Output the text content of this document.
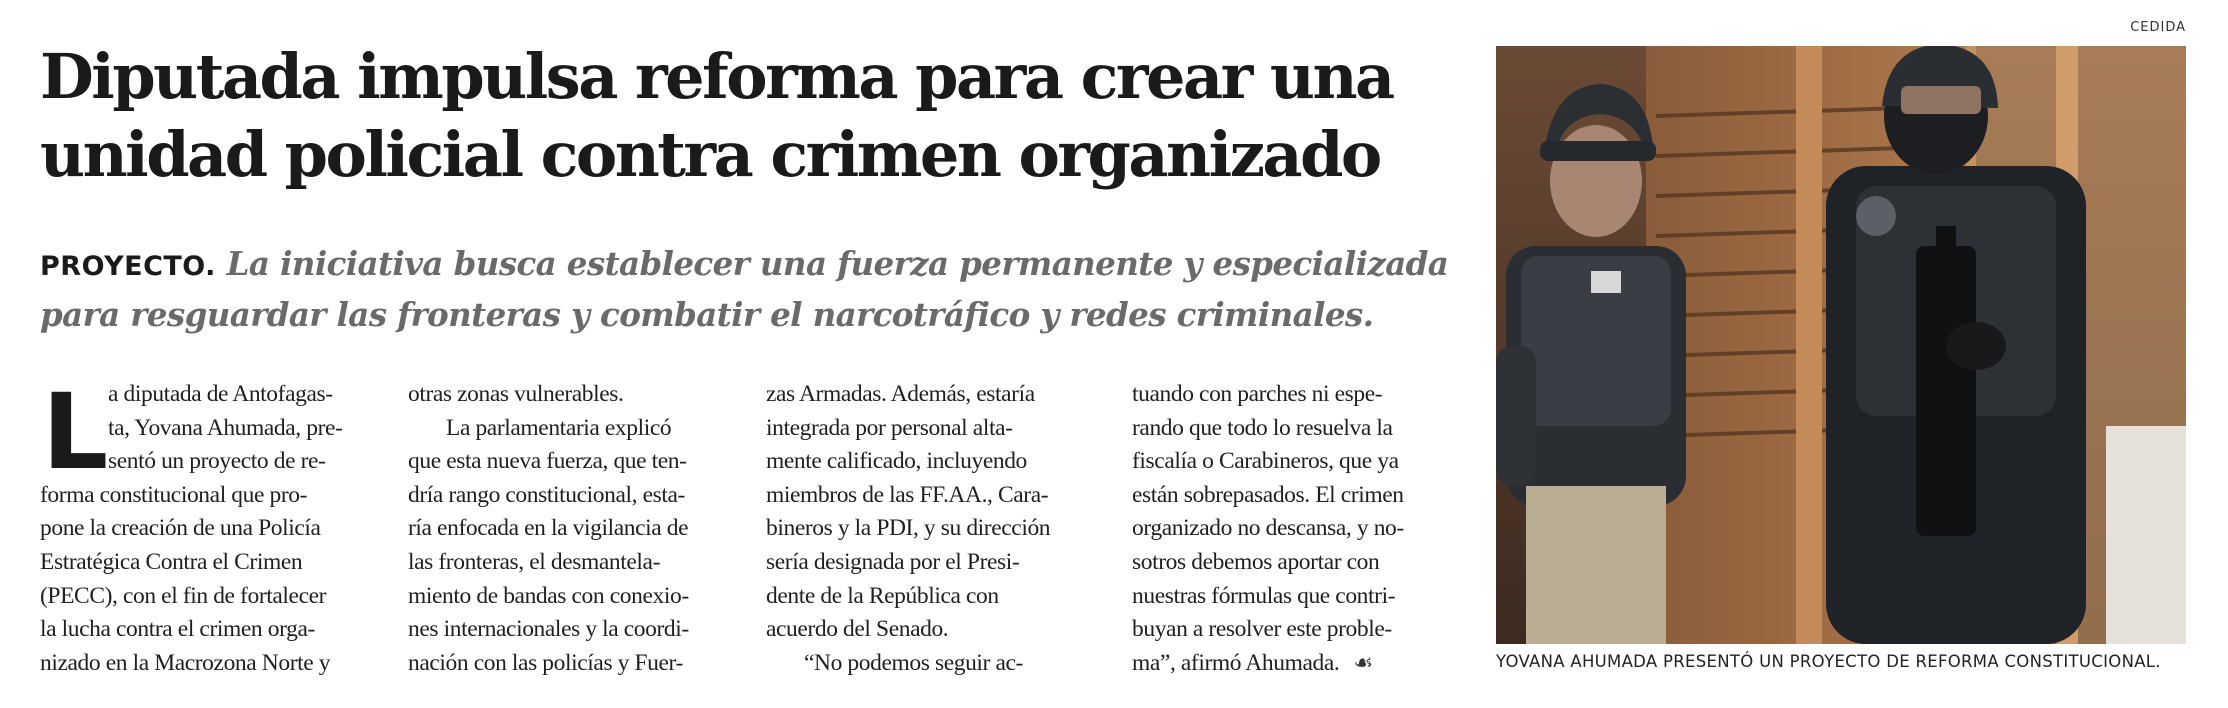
Diputada impulsa reforma para crear una
unidad policial contra crimen organizado
PROYECTO. La iniciativa busca establecer una fuerza permanente y especializada
para resguardar las fronteras y combatir el narcotráfico y redes criminales.
L a diputada de Antofagas-
ta, Yovana Ahumada, pre-
sentó un proyecto de re-
forma constitucional que pro-
pone la creación de una Policía
Estratégica Contra el Crimen
(PECC), con el fin de fortalecer
la lucha contra el crimen orga-
nizado en la Macrozona Norte y
otras zonas vulnerables.
La parlamentaria explicó
que esta nueva fuerza, que ten-
dría rango constitucional, esta-
ría enfocada en la vigilancia de
las fronteras, el desmantela-
miento de bandas con conexio-
nes internacionales y la coordi-
nación con las policías y Fuer-
zas Armadas. Además, estaría
integrada por personal alta-
mente calificado, incluyendo
miembros de las FF.AA., Cara-
bineros y la PDI, y su dirección
sería designada por el Presi-
dente de la República con
acuerdo del Senado.
“No podemos seguir ac-
tuando con parches ni espe-
rando que todo lo resuelva la
fiscalía o Carabineros, que ya
están sobrepasados. El crimen
organizado no descansa, y no-
sotros debemos aportar con
nuestras fórmulas que contri-
buyan a resolver este proble-
ma”, afirmó Ahumada. ☙
CEDIDA
YOVANA AHUMADA PRESENTÓ UN PROYECTO DE REFORMA CONSTITUCIONAL.
